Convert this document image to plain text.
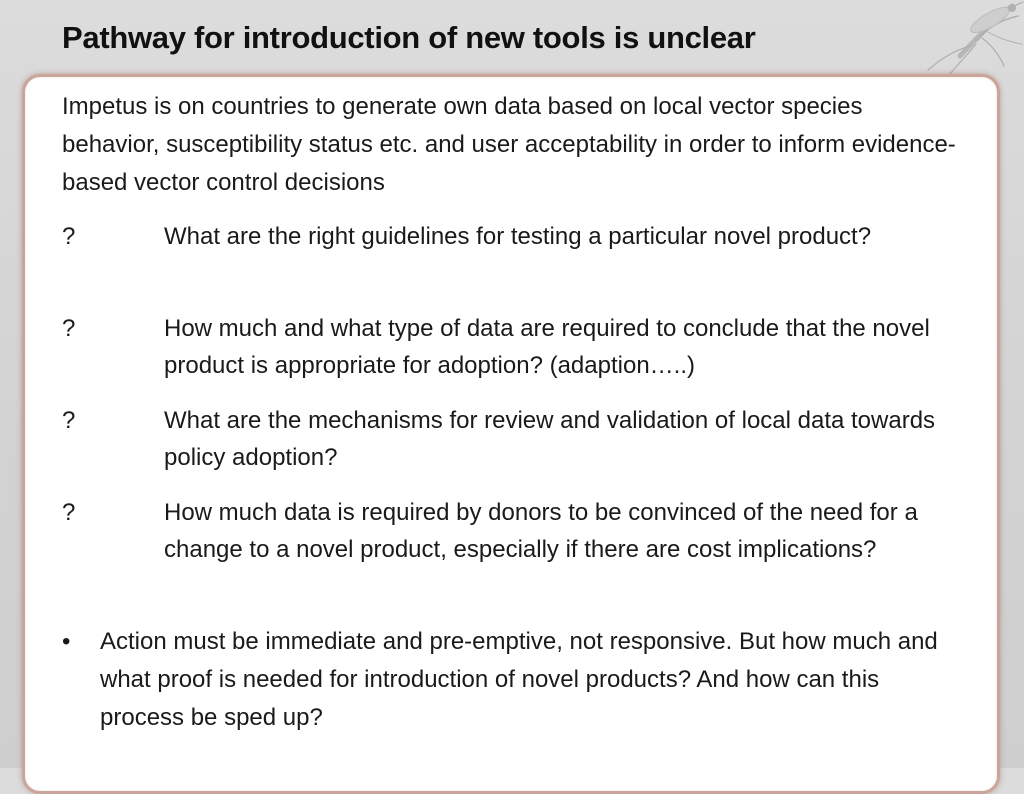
Pathway for introduction of new tools is unclear

Impetus is on countries to generate own data based on local vector species behavior, susceptibility status etc. and user acceptability in order to inform evidence-based vector control decisions

?	What are the right guidelines for testing a particular novel product?
?	How much and what type of data are required to conclude that the novel product is appropriate for adoption? (adaption…..)
?	What are the mechanisms for review and validation of local data towards policy adoption?
?	How much data is required by donors to be convinced of the need for a change to a novel product, especially if there are cost implications?
• Action must be immediate and pre-emptive, not responsive. But how much and what proof is needed for introduction of novel products? And how can this process be sped up?
